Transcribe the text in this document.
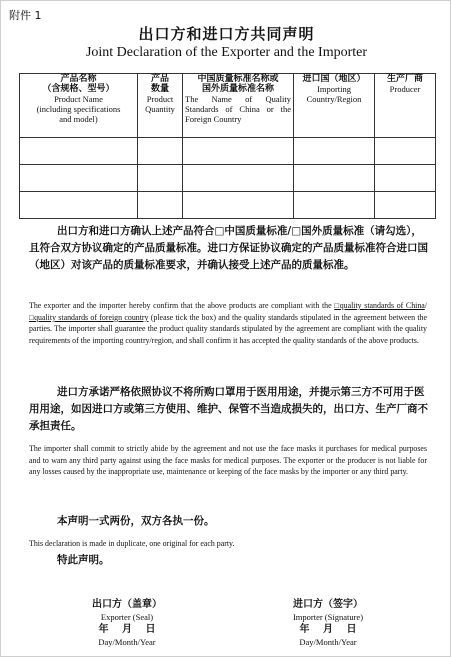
附件 1
出口方和进口方共同声明
Joint Declaration of the Exporter and the Importer
产品名称
（含规格、型号）
Product Name
(including specifications
and model)	产品
数量
Product
Quantity	中国质量标准名称或
国外质量标准名称
The Name of Quality Standards of China or the Foreign Country	进口国（地区）
Importing
Country/Region	生产厂商
Producer

出口方和进口方确认上述产品符合□中国质量标准/□国外质量标准（请勾选），且符合双方协议确定的产品质量标准。进口方保证协议确定的产品质量标准符合进口国（地区）对该产品的质量标准要求，并确认接受上述产品的质量标准。

The exporter and the importer hereby confirm that the above products are compliant with the □quality standards of China/ □quality standards of foreign country (please tick the box) and the quality standards stipulated in the agreement between the parties. The importer shall guarantee the product quality standards stipulated by the agreement are compliant with the quality requirements of the importing country/region, and shall confirm it has accepted the quality standards of the above products.

进口方承诺严格依照协议不将所购口罩用于医用用途，并提示第三方不可用于医用用途，如因进口方或第三方使用、维护、保管不当造成损失的，出口方、生产厂商不承担责任。

The importer shall commit to strictly abide by the agreement and not use the face masks it purchases for medical purposes and to warn any third party against using the face masks for medical purposes. The exporter or the producer is not liable for any losses caused by the inappropriate use, maintenance or keeping of the face masks by the importer or any third party.

本声明一式两份，双方各执一份。

This declaration is made in duplicate, one original for each party.

特此声明。

出口方（盖章）
Exporter (Seal)
年 月 日
Day/Month/Year
进口方（签字）
Importer (Signature)
年 月 日
Day/Month/Year
